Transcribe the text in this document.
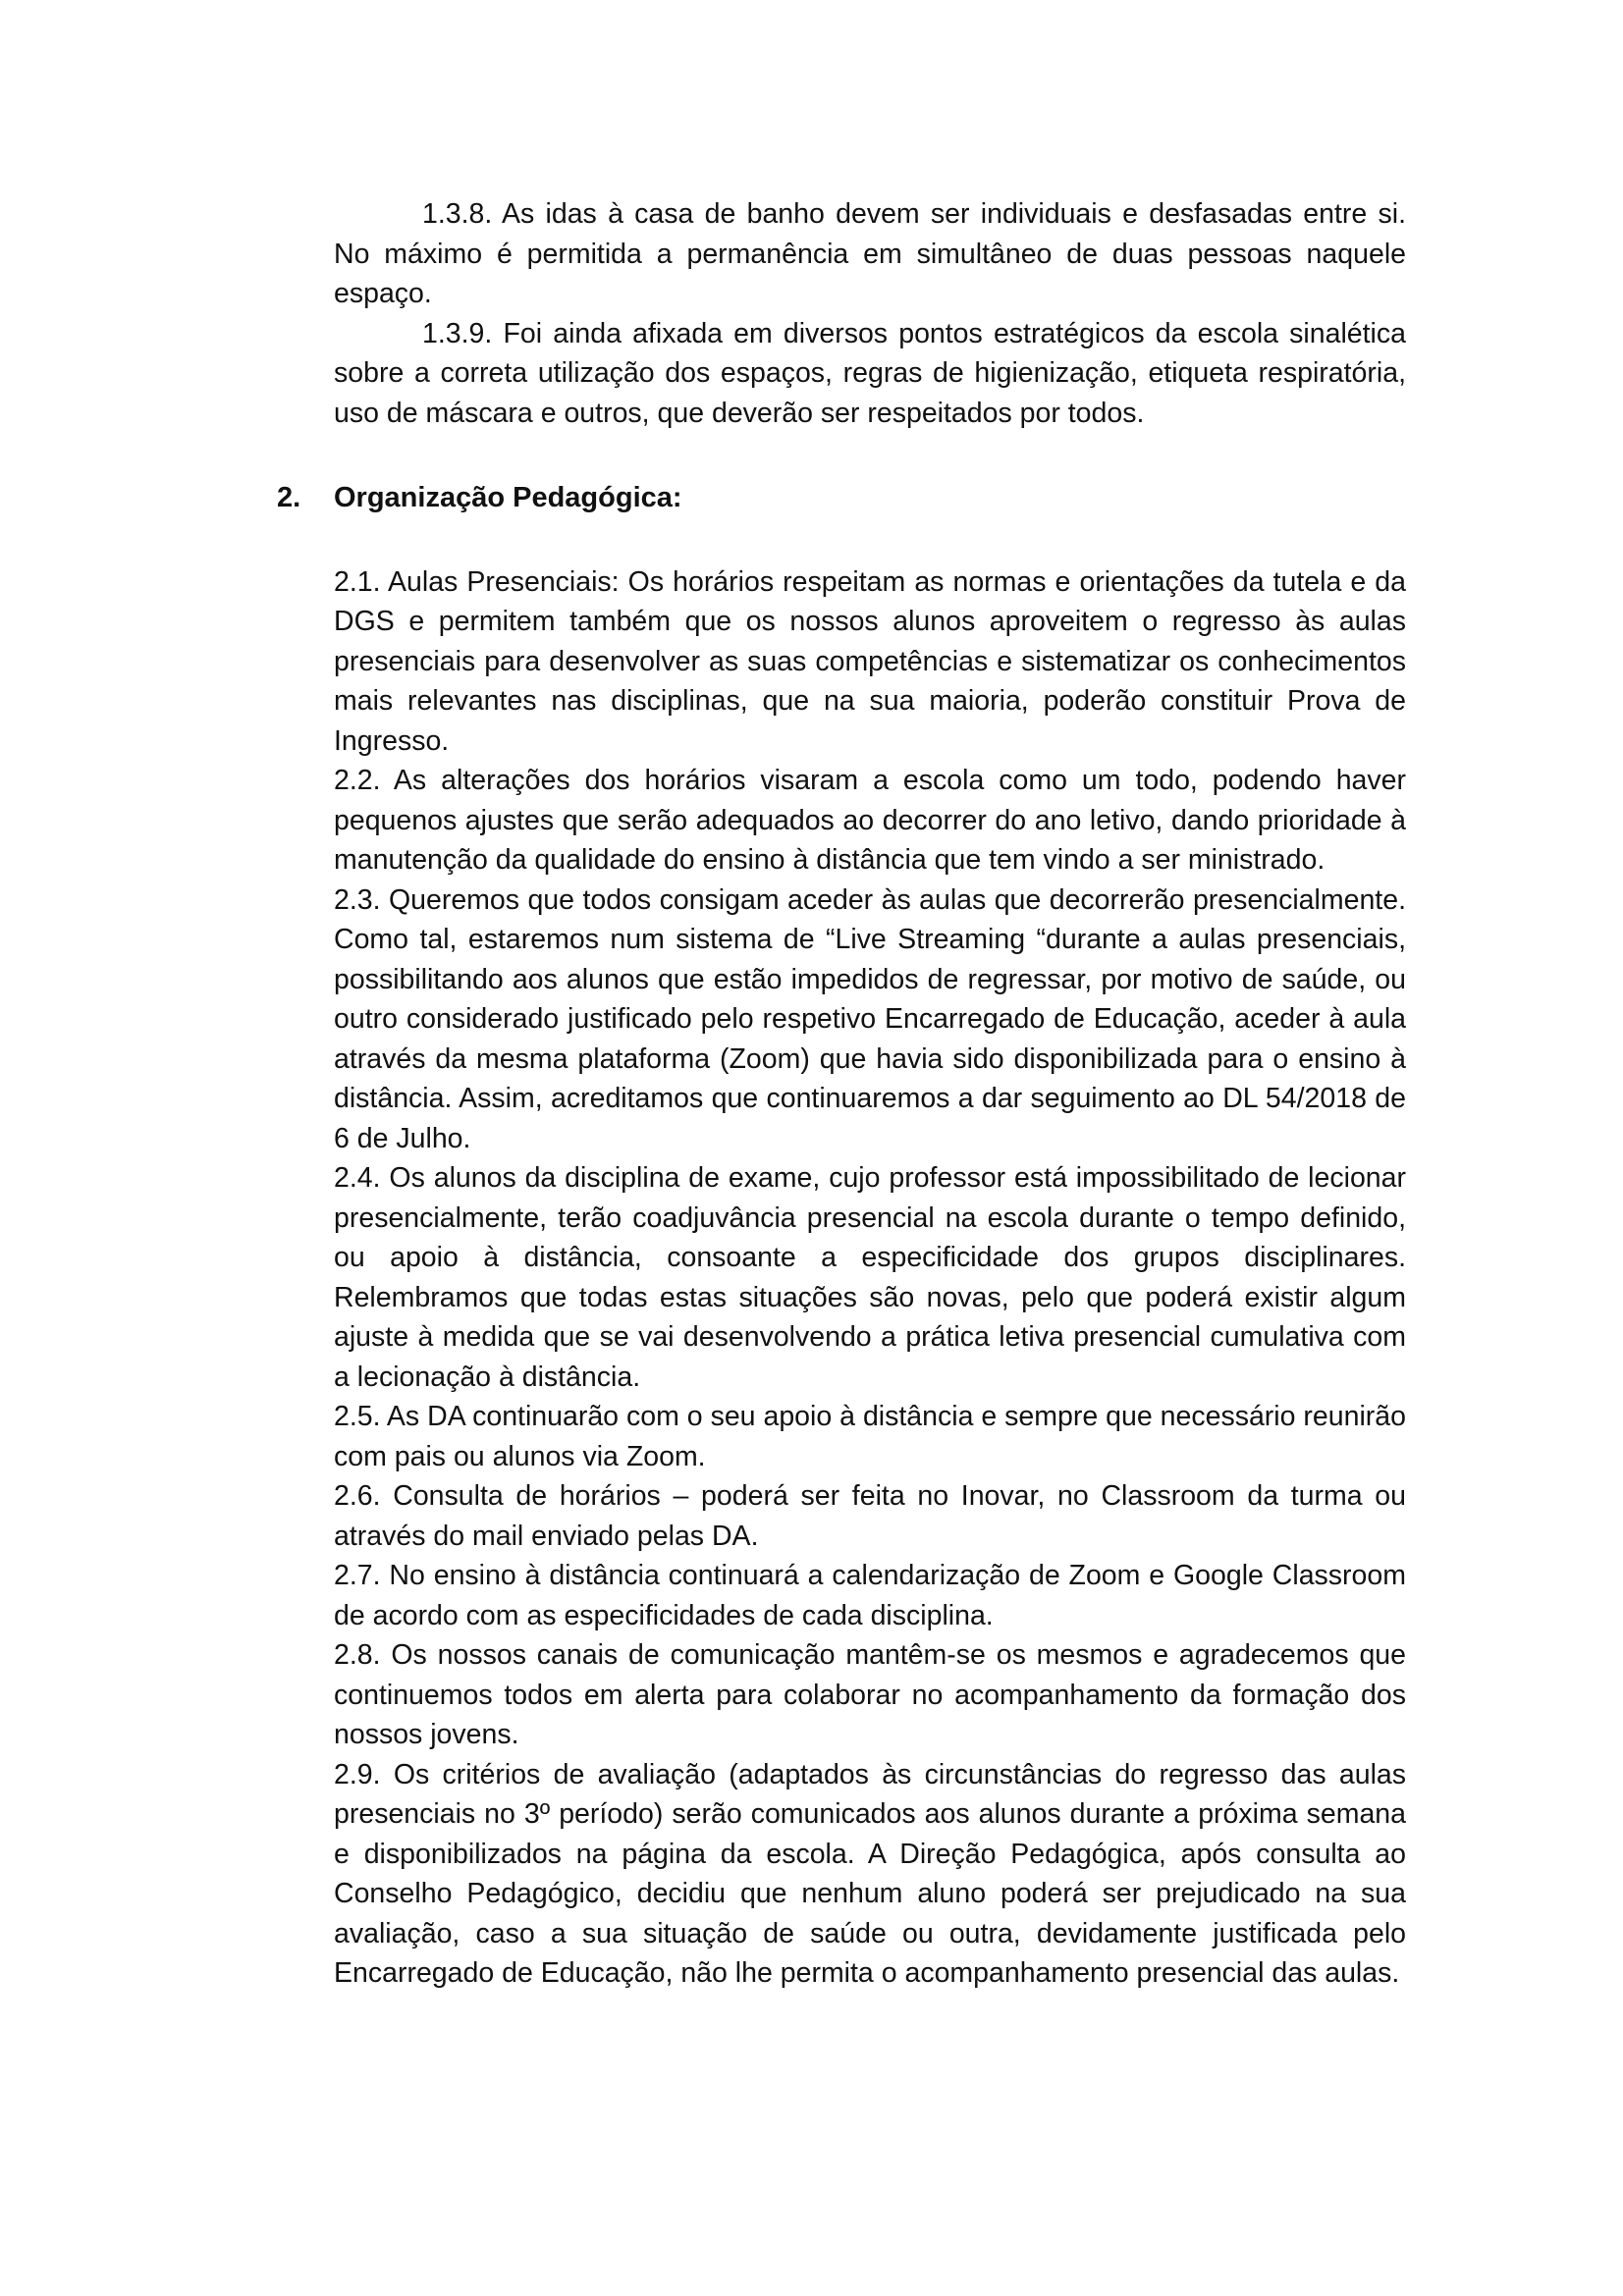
1.3.8. As idas à casa de banho devem ser individuais e desfasadas entre si. No máximo é permitida a permanência em simultâneo de duas pessoas naquele espaço.

1.3.9. Foi ainda afixada em diversos pontos estratégicos da escola sinalética sobre a correta utilização dos espaços, regras de higienização, etiqueta respiratória, uso de máscara e outros, que deverão ser respeitados por todos.

2. Organização Pedagógica:

2.1. Aulas Presenciais: Os horários respeitam as normas e orientações da tutela e da DGS e permitem também que os nossos alunos aproveitem o regresso às aulas presenciais para desenvolver as suas competências e sistematizar os conhecimentos mais relevantes nas disciplinas, que na sua maioria, poderão constituir Prova de Ingresso.

2.2. As alterações dos horários visaram a escola como um todo, podendo haver pequenos ajustes que serão adequados ao decorrer do ano letivo, dando prioridade à manutenção da qualidade do ensino à distância que tem vindo a ser ministrado.

2.3. Queremos que todos consigam aceder às aulas que decorrerão presencialmente. Como tal, estaremos num sistema de “Live Streaming “durante a aulas presenciais, possibilitando aos alunos que estão impedidos de regressar, por motivo de saúde, ou outro considerado justificado pelo respetivo Encarregado de Educação, aceder à aula através da mesma plataforma (Zoom) que havia sido disponibilizada para o ensino à distância. Assim, acreditamos que continuaremos a dar seguimento ao DL 54/2018 de 6 de Julho.

2.4. Os alunos da disciplina de exame, cujo professor está impossibilitado de lecionar presencialmente, terão coadjuvância presencial na escola durante o tempo definido, ou apoio à distância, consoante a especificidade dos grupos disciplinares. Relembramos que todas estas situações são novas, pelo que poderá existir algum ajuste à medida que se vai desenvolvendo a prática letiva presencial cumulativa com a lecionação à distância.

2.5. As DA continuarão com o seu apoio à distância e sempre que necessário reunirão com pais ou alunos via Zoom.

2.6. Consulta de horários – poderá ser feita no Inovar, no Classroom da turma ou através do mail enviado pelas DA.

2.7. No ensino à distância continuará a calendarização de Zoom e Google Classroom de acordo com as especificidades de cada disciplina.

2.8. Os nossos canais de comunicação mantêm-se os mesmos e agradecemos que continuemos todos em alerta para colaborar no acompanhamento da formação dos nossos jovens.

2.9. Os critérios de avaliação (adaptados às circunstâncias do regresso das aulas presenciais no 3º período) serão comunicados aos alunos durante a próxima semana e disponibilizados na página da escola. A Direção Pedagógica, após consulta ao Conselho Pedagógico, decidiu que nenhum aluno poderá ser prejudicado na sua avaliação, caso a sua situação de saúde ou outra, devidamente justificada pelo Encarregado de Educação, não lhe permita o acompanhamento presencial das aulas.
